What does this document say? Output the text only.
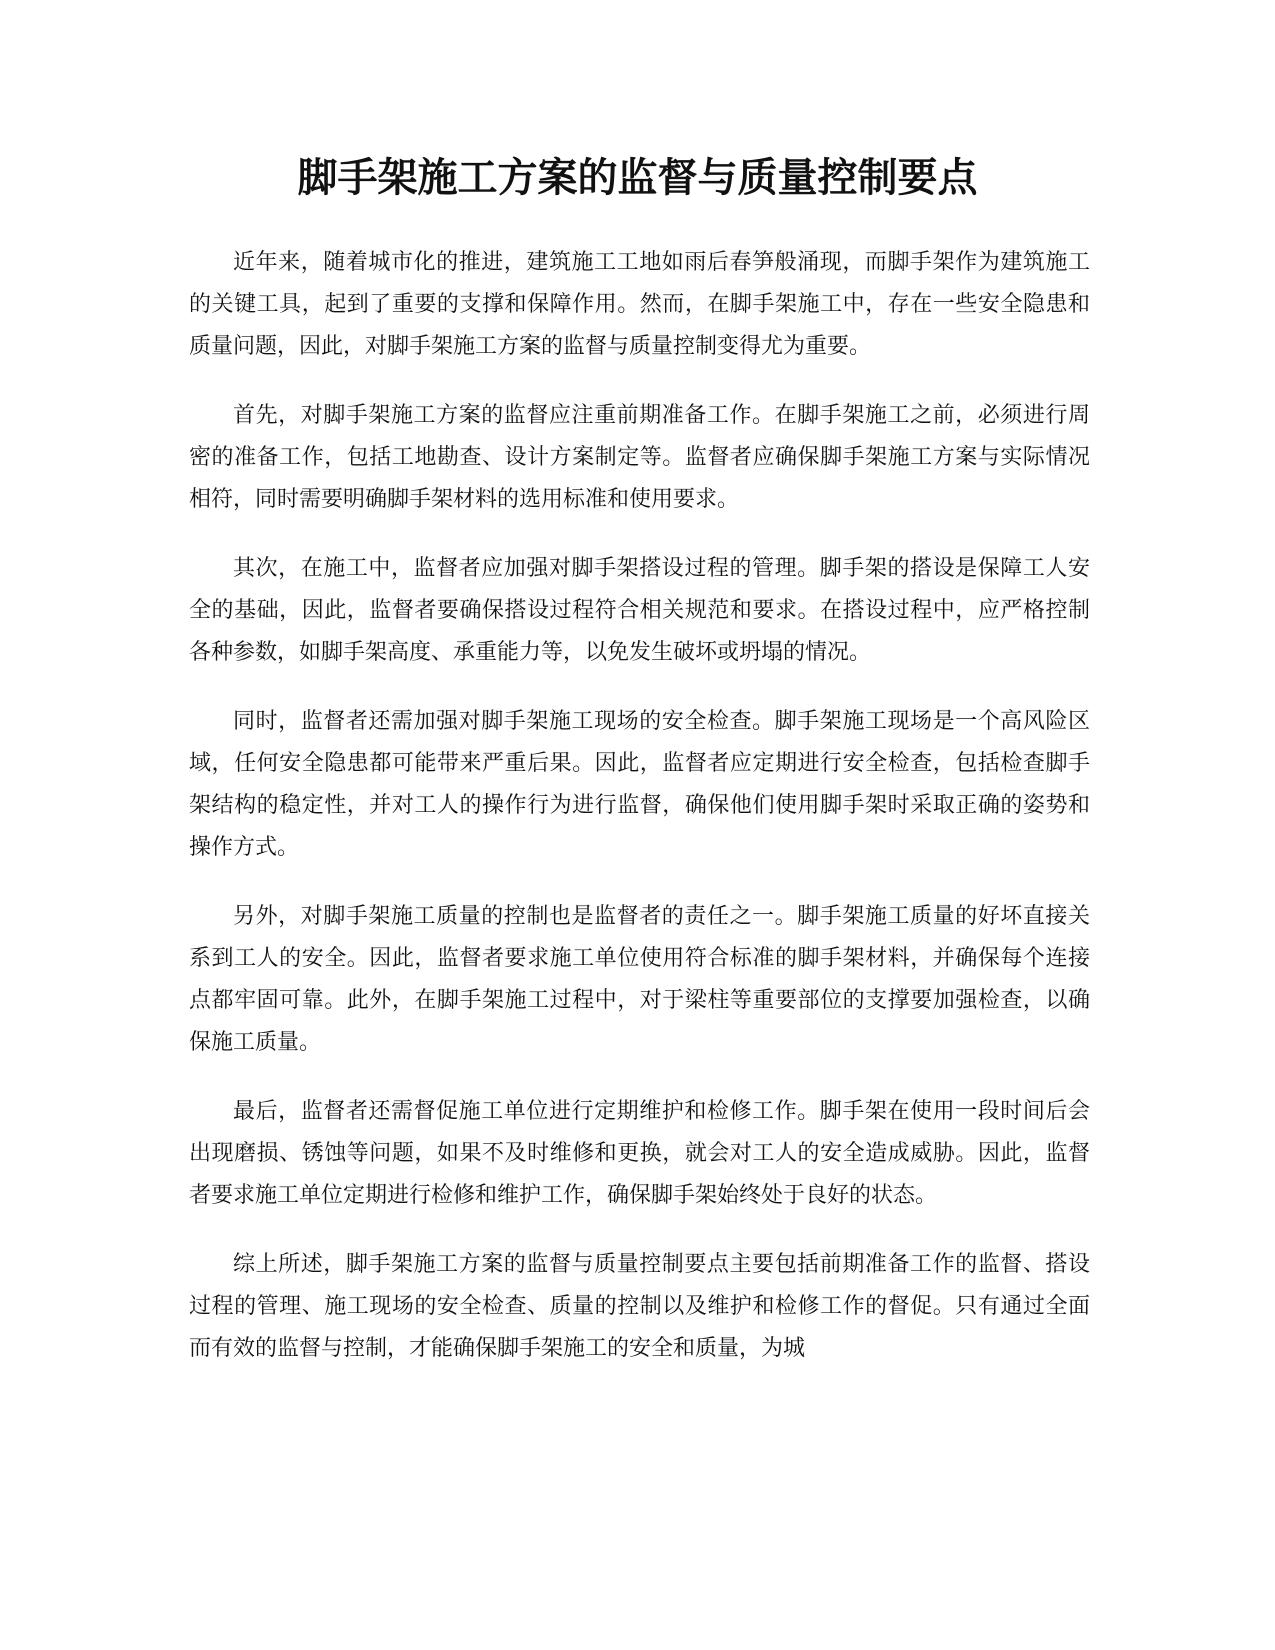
脚手架施工方案的监督与质量控制要点

近年来，随着城市化的推进，建筑施工工地如雨后春笋般涌现，而脚手架作为建筑施工的关键工具，起到了重要的支撑和保障作用。然而，在脚手架施工中，存在一些安全隐患和质量问题，因此，对脚手架施工方案的监督与质量控制变得尤为重要。

首先，对脚手架施工方案的监督应注重前期准备工作。在脚手架施工之前，必须进行周密的准备工作，包括工地勘查、设计方案制定等。监督者应确保脚手架施工方案与实际情况相符，同时需要明确脚手架材料的选用标准和使用要求。

其次，在施工中，监督者应加强对脚手架搭设过程的管理。脚手架的搭设是保障工人安全的基础，因此，监督者要确保搭设过程符合相关规范和要求。在搭设过程中，应严格控制各种参数，如脚手架高度、承重能力等，以免发生破坏或坍塌的情况。

同时，监督者还需加强对脚手架施工现场的安全检查。脚手架施工现场是一个高风险区域，任何安全隐患都可能带来严重后果。因此，监督者应定期进行安全检查，包括检查脚手架结构的稳定性，并对工人的操作行为进行监督，确保他们使用脚手架时采取正确的姿势和操作方式。

另外，对脚手架施工质量的控制也是监督者的责任之一。脚手架施工质量的好坏直接关系到工人的安全。因此，监督者要求施工单位使用符合标准的脚手架材料，并确保每个连接点都牢固可靠。此外，在脚手架施工过程中，对于梁柱等重要部位的支撑要加强检查，以确保施工质量。

最后，监督者还需督促施工单位进行定期维护和检修工作。脚手架在使用一段时间后会出现磨损、锈蚀等问题，如果不及时维修和更换，就会对工人的安全造成威胁。因此，监督者要求施工单位定期进行检修和维护工作，确保脚手架始终处于良好的状态。

综上所述，脚手架施工方案的监督与质量控制要点主要包括前期准备工作的监督、搭设过程的管理、施工现场的安全检查、质量的控制以及维护和检修工作的督促。只有通过全面而有效的监督与控制，才能确保脚手架施工的安全和质量，为城
